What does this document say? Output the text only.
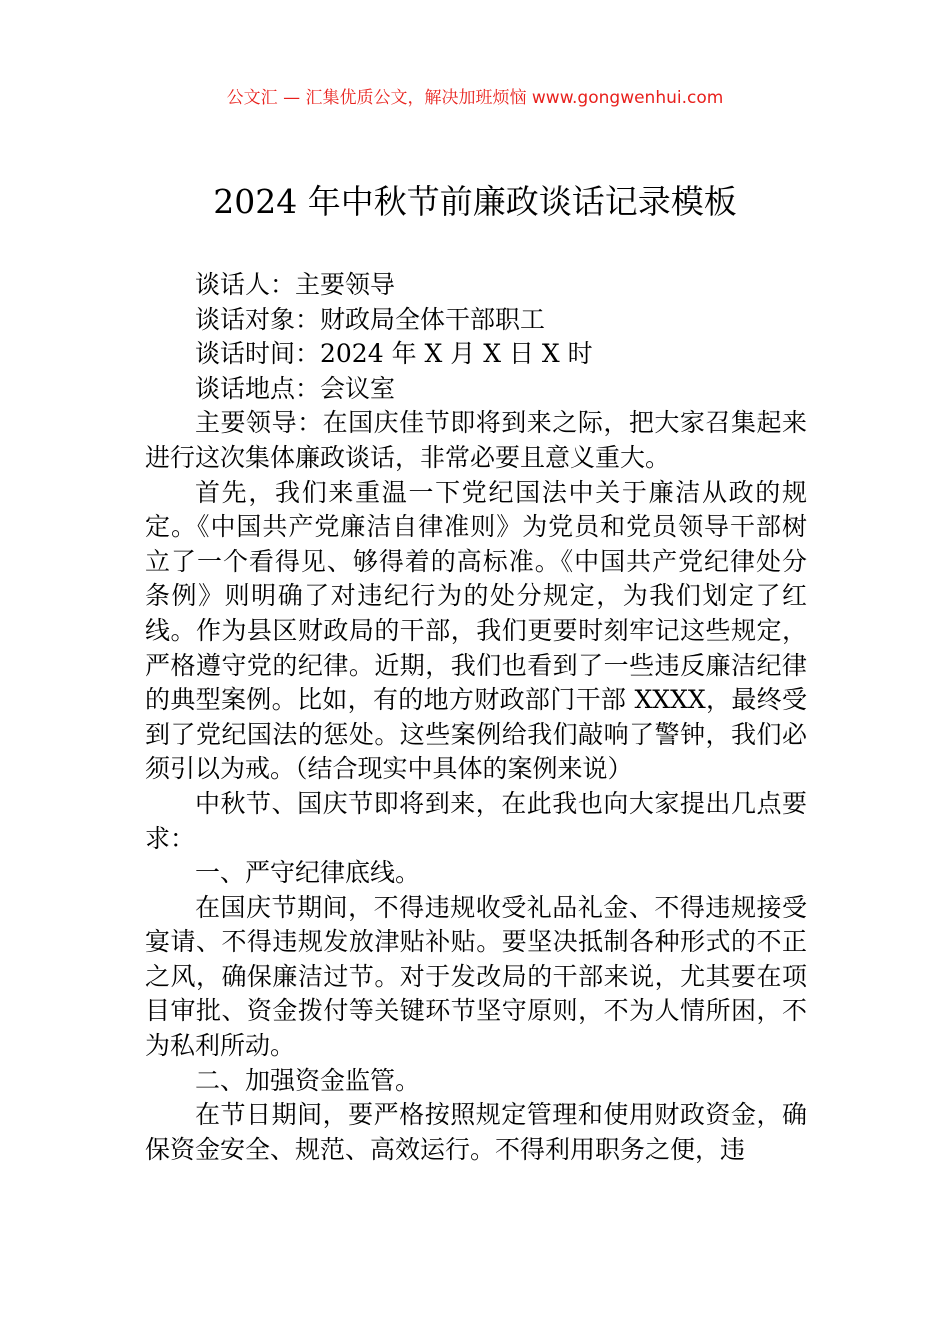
公文汇 — 汇集优质公文，解决加班烦恼 www.gongwenhui.com
2024 年中秋节前廉政谈话记录模板

谈话人：主要领导

谈话对象：财政局全体干部职工

谈话时间：2024 年 X 月 X 日 X 时

谈话地点：会议室

主要领导：在国庆佳节即将到来之际，把大家召集起来进行这次集体廉政谈话，非常必要且意义重大。

首先，我们来重温一下党纪国法中关于廉洁从政的规定。《中国共产党廉洁自律准则》为党员和党员领导干部树立了一个看得见、够得着的高标准。《中国共产党纪律处分条例》则明确了对违纪行为的处分规定，为我们划定了红线。作为县区财政局的干部，我们更要时刻牢记这些规定，严格遵守党的纪律。近期，我们也看到了一些违反廉洁纪律的典型案例。比如，有的地方财政部门干部 XXXX，最终受到了党纪国法的惩处。这些案例给我们敲响了警钟，我们必须引以为戒。（结合现实中具体的案例来说）

中秋节、国庆节即将到来，在此我也向大家提出几点要求：

一、严守纪律底线。

在国庆节期间，不得违规收受礼品礼金、不得违规接受宴请、不得违规发放津贴补贴。要坚决抵制各种形式的不正之风，确保廉洁过节。对于发改局的干部来说，尤其要在项目审批、资金拨付等关键环节坚守原则，不为人情所困，不为私利所动。

二、加强资金监管。

在节日期间，要严格按照规定管理和使用财政资金，确保资金安全、规范、高效运行。不得利用职务之便，违
